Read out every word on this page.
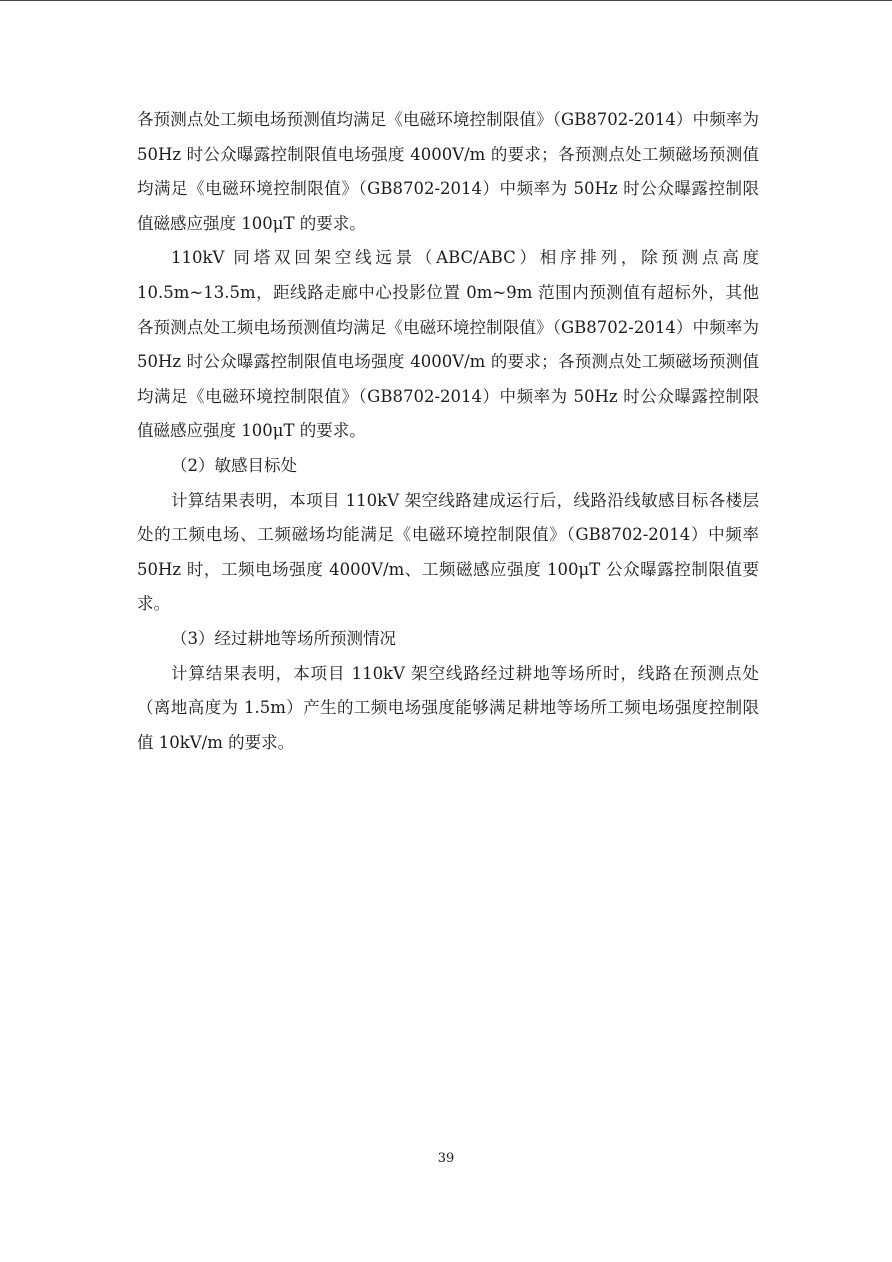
各预测点处工频电场预测值均满足《电磁环境控制限值》（GB8702-2014）中频率为 50Hz 时公众曝露控制限值电场强度 4000V/m 的要求；各预测点处工频磁场预测值均满足《电磁环境控制限值》（GB8702-2014）中频率为 50Hz 时公众曝露控制限值磁感应强度 100μT 的要求。

110kV 同塔双回架空线远景（ABC/ABC）相序排列，除预测点高度 10.5m~13.5m，距线路走廊中心投影位置 0m~9m 范围内预测值有超标外，其他各预测点处工频电场预测值均满足《电磁环境控制限值》（GB8702-2014）中频率为 50Hz 时公众曝露控制限值电场强度 4000V/m 的要求；各预测点处工频磁场预测值均满足《电磁环境控制限值》（GB8702-2014）中频率为 50Hz 时公众曝露控制限值磁感应强度 100μT 的要求。

（2）敏感目标处

计算结果表明，本项目 110kV 架空线路建成运行后，线路沿线敏感目标各楼层处的工频电场、工频磁场均能满足《电磁环境控制限值》（GB8702-2014）中频率 50Hz 时，工频电场强度 4000V/m、工频磁感应强度 100μT 公众曝露控制限值要求。

（3）经过耕地等场所预测情况

计算结果表明，本项目 110kV 架空线路经过耕地等场所时，线路在预测点处（离地高度为 1.5m）产生的工频电场强度能够满足耕地等场所工频电场强度控制限值 10kV/m 的要求。

39
